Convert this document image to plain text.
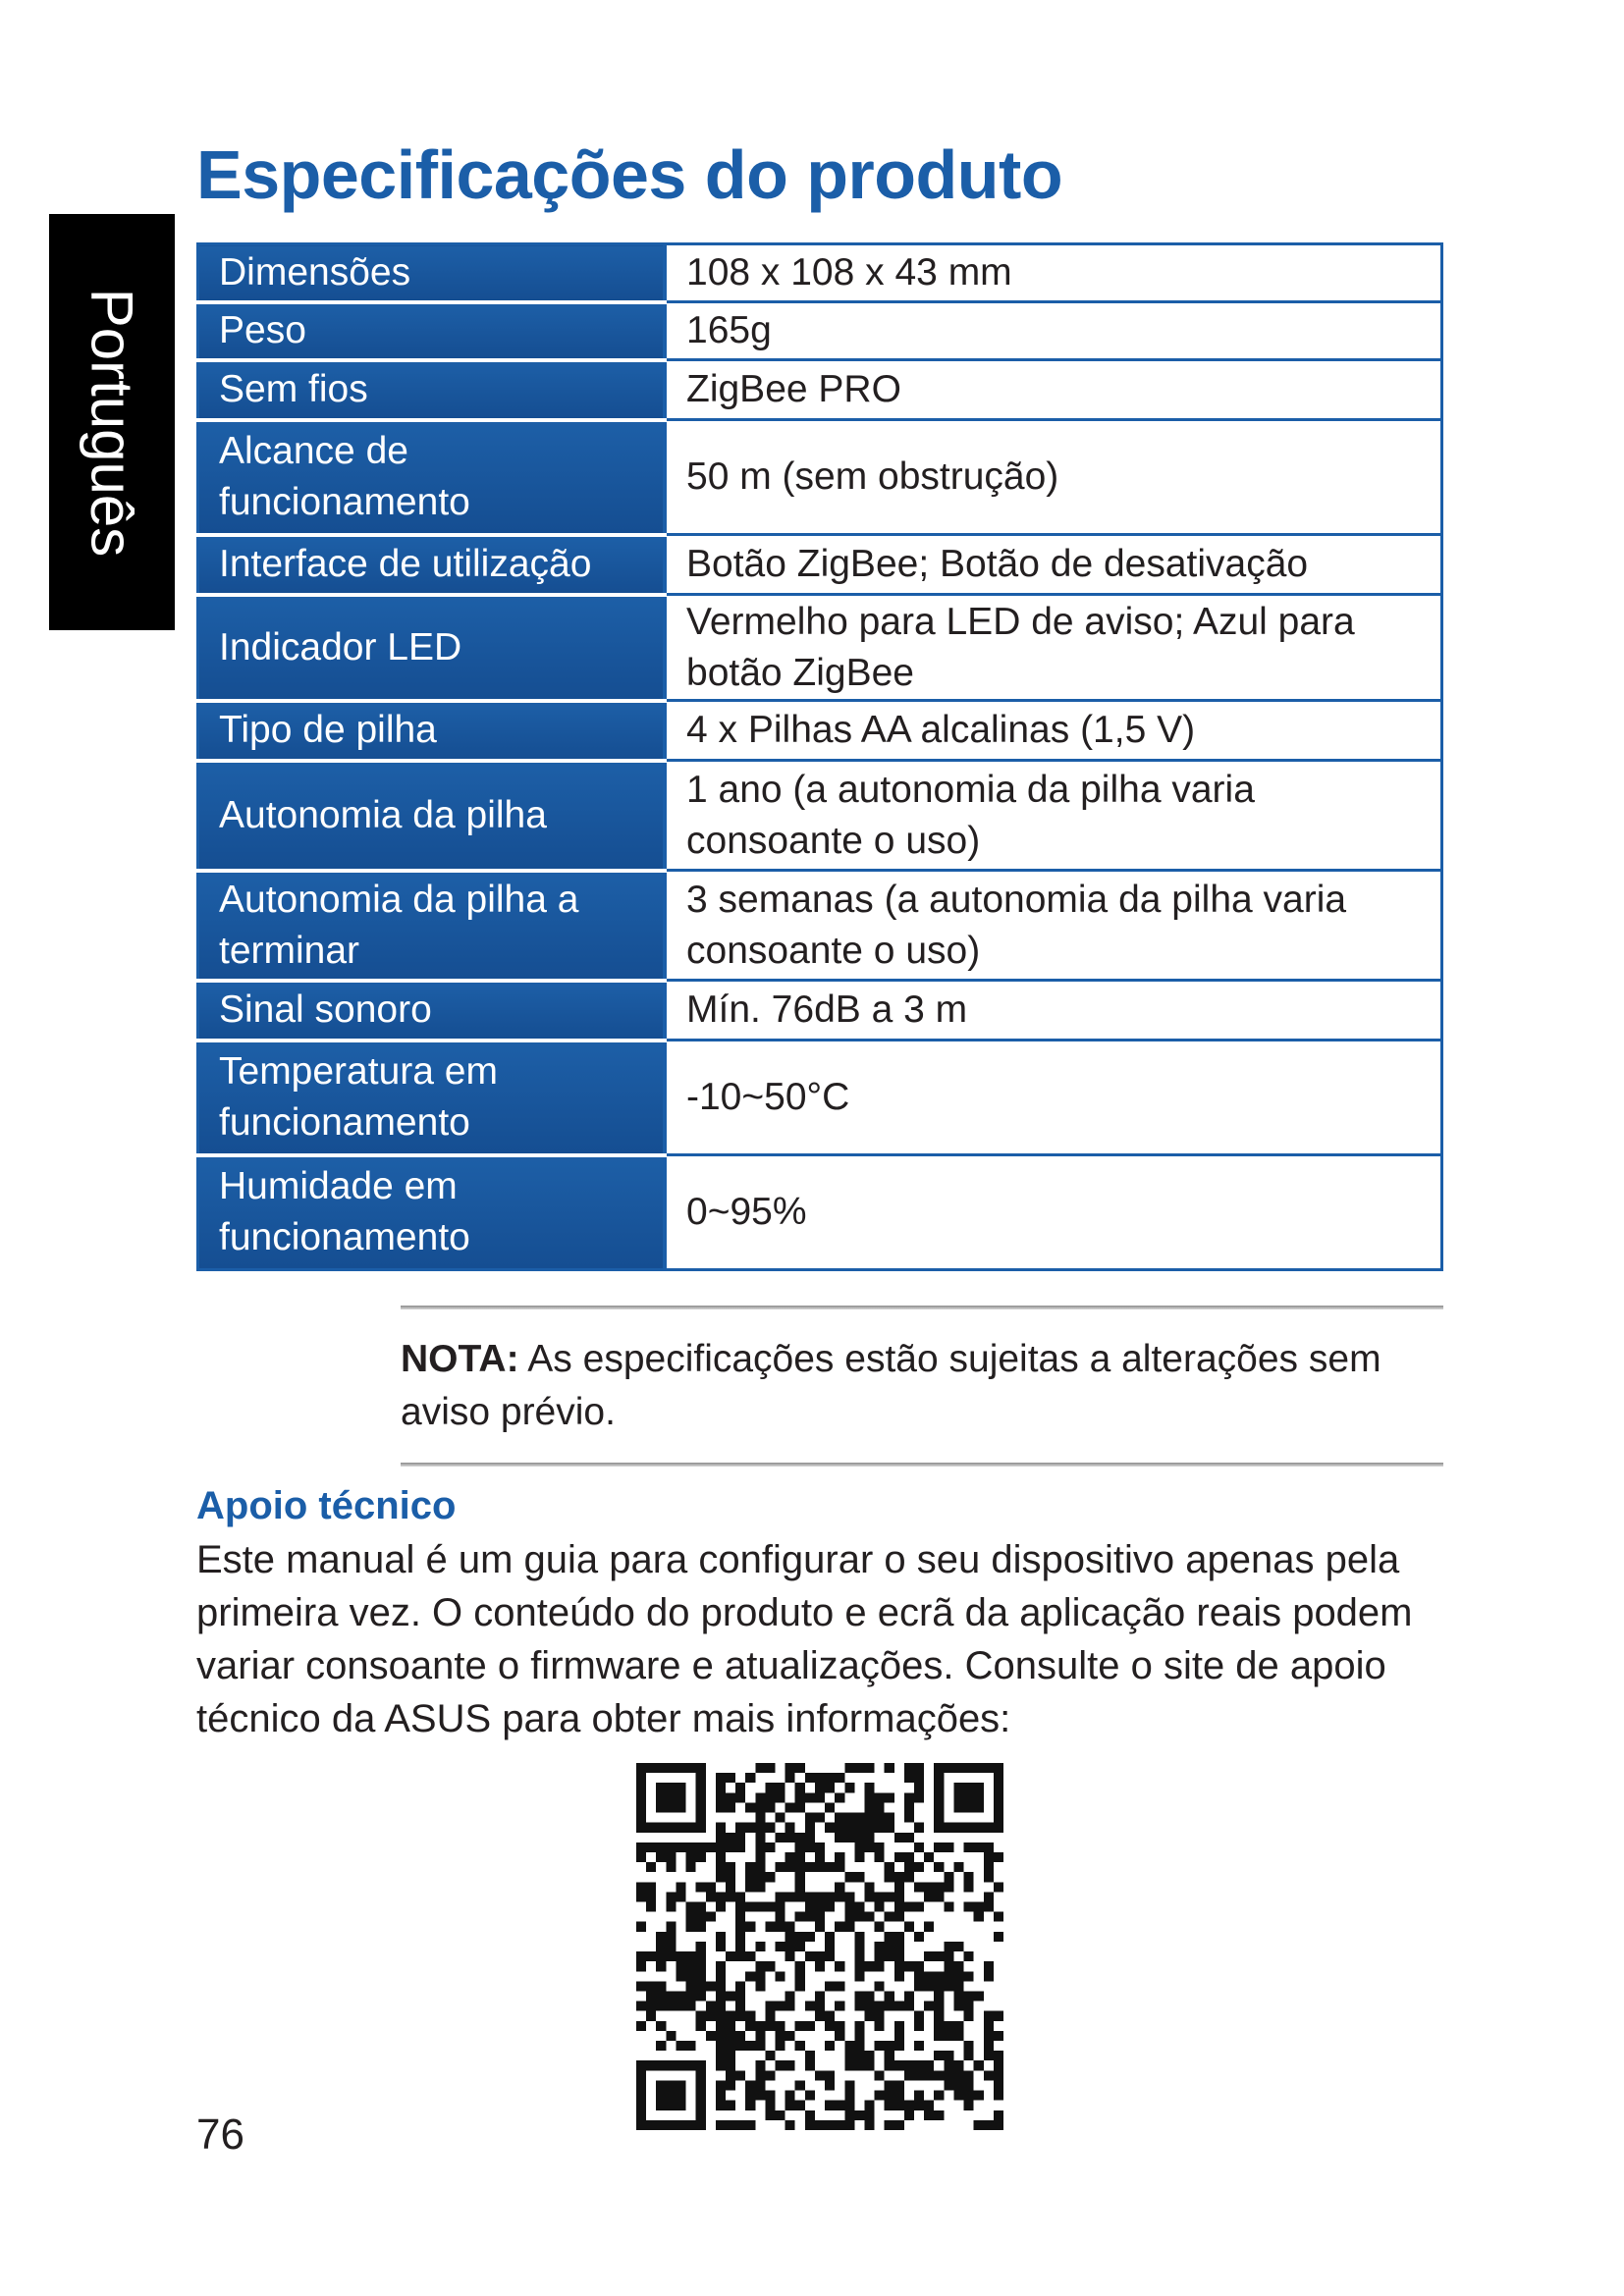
Português
Especificações do produto
Dimensões	108 x 108 x 43 mm
Peso	165g
Sem fios	ZigBee PRO
Alcance de funcionamento	50 m (sem obstrução)
Interface de utilização	Botão ZigBee; Botão de desativação
Indicador LED	Vermelho para LED de aviso; Azul para botão ZigBee
Tipo de pilha	4 x Pilhas AA alcalinas (1,5 V)
Autonomia da pilha	1 ano (a autonomia da pilha varia consoante o uso)
Autonomia da pilha a terminar	3 semanas (a autonomia da pilha varia consoante o uso)
Sinal sonoro	Mín. 76dB a 3 m
Temperatura em funcionamento	-10~50°C
Humidade em funcionamento	0~95%

NOTA: As especificações estão sujeitas a alterações sem aviso prévio.

Apoio técnico

Este manual é um guia para configurar o seu dispositivo apenas pela primeira vez. O conteúdo do produto e ecrã da aplicação reais podem variar consoante o firmware e atualizações. Consulte o site de apoio técnico da ASUS para obter mais informações:

76
